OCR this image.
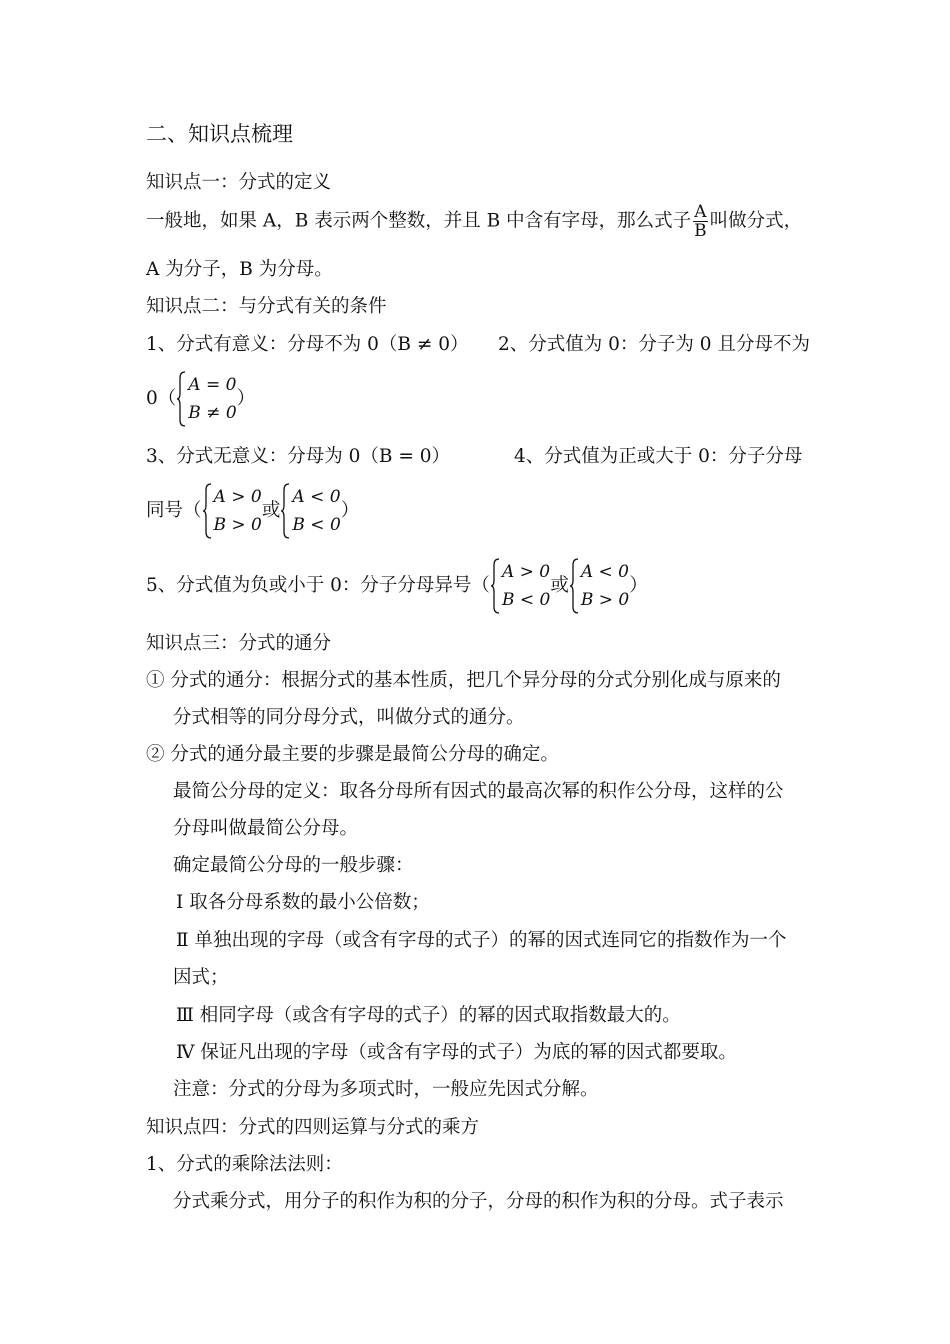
二、知识点梳理
知识点一：分式的定义
一般地，如果 A，B 表示两个整数，并且 B 中含有字母，那么式子 $\frac{A}{B}$ 叫做分式，
A 为分子，B 为分母。
知识点二：与分式有关的条件
1、分式有意义：分母不为 0（B ≠ 0） 2、分式值为 0：分子为 0 且分母不为
0（
A = 0
B ≠ 0
）
3、分式无意义：分母为 0（B = 0）	4、分式值为正或大于 0：分子分母
同号（
A > 0
B > 0
或
A < 0
B < 0
）
5、分式值为负或小于 0：分子分母异号（
A > 0
B < 0
或
A < 0
B > 0
）
知识点三：分式的通分
① 分式的通分：根据分式的基本性质，把几个异分母的分式分别化成与原来的
分式相等的同分母分式，叫做分式的通分。
② 分式的通分最主要的步骤是最简公分母的确定。
最简公分母的定义：取各分母所有因式的最高次幂的积作公分母，这样的公
分母叫做最简公分母。
确定最简公分母的一般步骤：
Ⅰ 取各分母系数的最小公倍数；
Ⅱ 单独出现的字母（或含有字母的式子）的幂的因式连同它的指数作为一个
因式；
Ⅲ 相同字母（或含有字母的式子）的幂的因式取指数最大的。
Ⅳ 保证凡出现的字母（或含有字母的式子）为底的幂的因式都要取。
注意：分式的分母为多项式时，一般应先因式分解。
知识点四：分式的四则运算与分式的乘方
1、分式的乘除法法则：
分式乘分式，用分子的积作为积的分子，分母的积作为积的分母。式子表示
